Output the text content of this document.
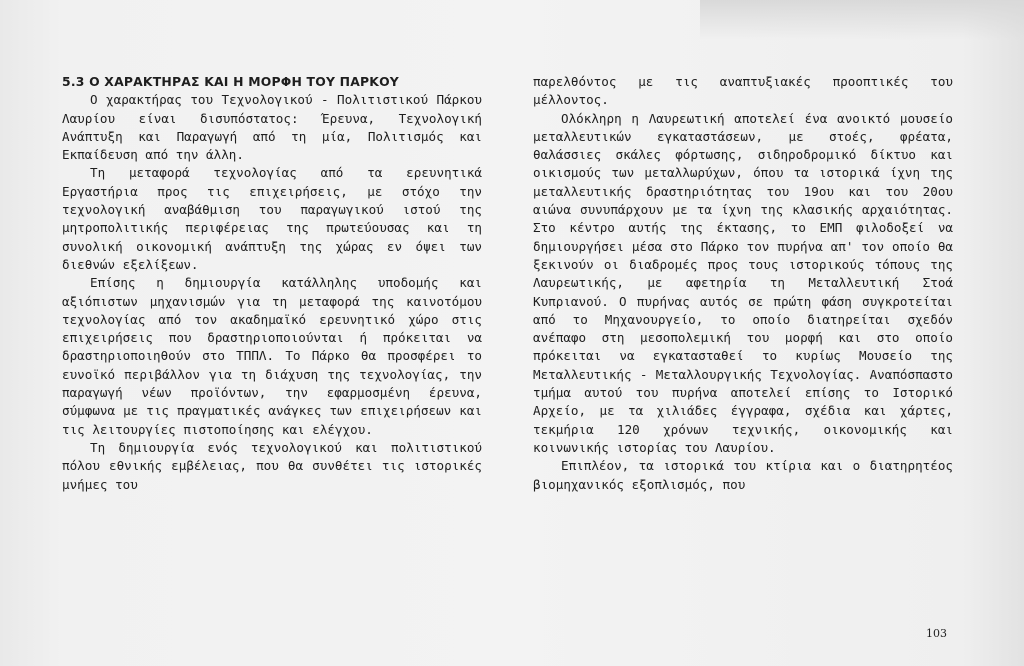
5.3 Ο ΧΑΡΑΚΤΗΡΑΣ ΚΑΙ Η ΜΟΡΦΗ ΤΟΥ ΠΑΡΚΟΥ

Ο χαρακτήρας του Τεχνολογικού - Πολιτιστικού Πάρκου Λαυρίου είναι δισυπόστατος: Έρευνα, Τεχνολογική Ανάπτυξη και Παραγωγή από τη μία, Πολιτισμός και Εκπαίδευση από την άλλη.

Τη μεταφορά τεχνολογίας από τα ερευνητικά Εργαστήρια προς τις επιχειρήσεις, με στόχο την τεχνολογική αναβάθμιση του παραγωγικού ιστού της μητροπολιτικής περιφέρειας της πρωτεύουσας και τη συνολική οικονομική ανάπτυξη της χώρας εν όψει των διεθνών εξελίξεων.

Επίσης η δημιουργία κατάλληλης υποδομής και αξιόπιστων μηχανισμών για τη μεταφορά της καινοτόμου τεχνολογίας από τον ακαδημαϊκό ερευνητικό χώρο στις επιχειρήσεις που δραστηριοποιούνται ή πρόκειται να δραστηριοποιηθούν στο ΤΠΠΛ. Το Πάρκο θα προσφέρει το ευνοϊκό περιβάλλον για τη διάχυση της τεχνολογίας, την παραγωγή νέων προϊόντων, την εφαρμοσμένη έρευνα, σύμφωνα με τις πραγματικές ανάγκες των επιχειρήσεων και τις λειτουργίες πιστοποίησης και ελέγχου.

Τη δημιουργία ενός τεχνολογικού και πολιτιστικού πόλου εθνικής εμβέλειας, που θα συνθέτει τις ιστορικές μνήμες του

παρελθόντος με τις αναπτυξιακές προοπτικές του μέλλοντος.

Ολόκληρη η Λαυρεωτική αποτελεί ένα ανοικτό μουσείο μεταλλευτικών εγκαταστάσεων, με στοές, φρέατα, θαλάσσιες σκάλες φόρτωσης, σιδηροδρομικό δίκτυο και οικισμούς των μεταλλωρύχων, όπου τα ιστορικά ίχνη της μεταλλευτικής δραστηριότητας του 19ου και του 20ου αιώνα συνυπάρχουν με τα ίχνη της κλασικής αρχαιότητας. Στο κέντρο αυτής της έκτασης, το ΕΜΠ φιλοδοξεί να δημιουργήσει μέσα στο Πάρκο τον πυρήνα απ' τον οποίο θα ξεκινούν οι διαδρομές προς τους ιστορικούς τόπους της Λαυρεωτικής, με αφετηρία τη Μεταλλευτική Στοά Κυπριανού. Ο πυρήνας αυτός σε πρώτη φάση συγκροτείται από το Μηχανουργείο, το οποίο διατηρείται σχεδόν ανέπαφο στη μεσοπολεμική του μορφή και στο οποίο πρόκειται να εγκατασταθεί το κυρίως Μουσείο της Μεταλλευτικής - Μεταλλουργικής Τεχνολογίας. Αναπόσπαστο τμήμα αυτού του πυρήνα αποτελεί επίσης το Ιστορικό Αρχείο, με τα χιλιάδες έγγραφα, σχέδια και χάρτες, τεκμήρια 120 χρόνων τεχνικής, οικονομικής και κοινωνικής ιστορίας του Λαυρίου.

Επιπλέον, τα ιστορικά του κτίρια και ο διατηρητέος βιομηχανικός εξοπλισμός, που

103
